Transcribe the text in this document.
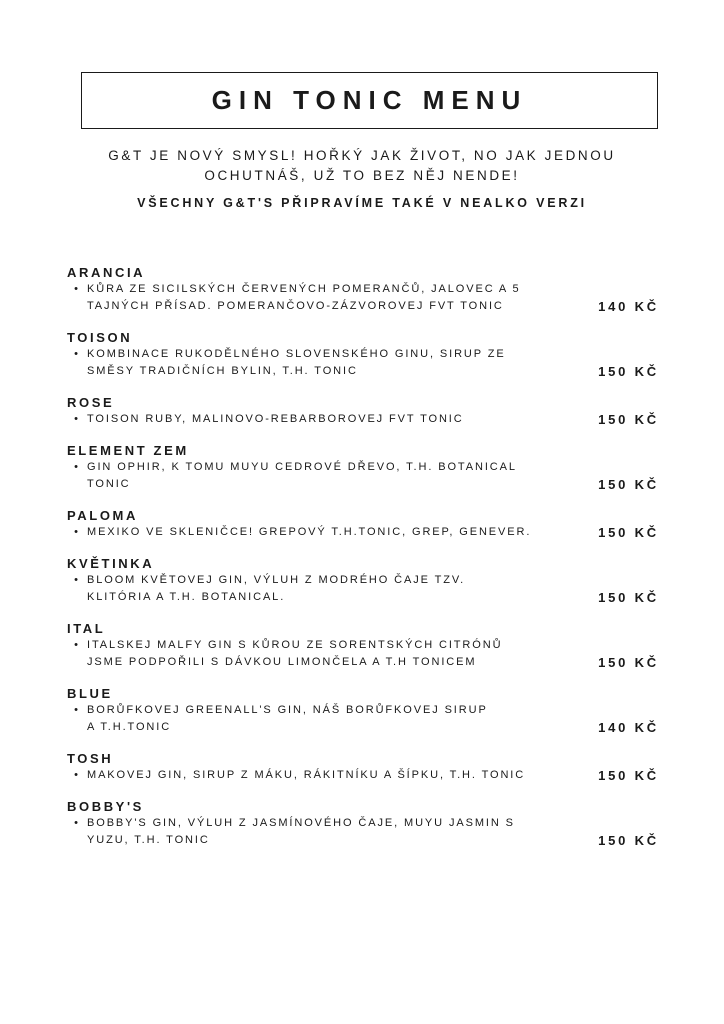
GIN TONIC MENU
G&T JE NOVÝ SMYSL! HOŘKÝ JAK ŽIVOT, NO JAK JEDNOU
OCHUTNÁŠ, UŽ TO BEZ NĚJ NENDE!
VŠECHNY G&T'S PŘIPRAVÍME TAKÉ V NEALKO VERZI
ARANCIA
• KŮRA ZE SICILSKÝCH ČERVENÝCH POMERANČŮ, JALOVEC A 5
TAJNÝCH PŘÍSAD. POMERANČOVO-ZÁZVOROVEJ FVT TONIC	140 KČ
TOISON
• KOMBINACE RUKODĚLNÉHO SLOVENSKÉHO GINU, SIRUP ZE
SMĚSY TRADIČNÍCH BYLIN, T.H. TONIC	150 KČ
ROSE
• TOISON RUBY, MALINOVO-REBARBOROVEJ FVT TONIC	150 KČ
ELEMENT ZEM
• GIN OPHIR, K TOMU MUYU CEDROVÉ DŘEVO, T.H. BOTANICAL
TONIC	150 KČ
PALOMA
• MEXIKO VE SKLENIČCE! GREPOVÝ T.H.TONIC, GREP, GENEVER.	150 KČ
KVĚTINKA
• BLOOM KVĚTOVEJ GIN, VÝLUH Z MODRÉHO ČAJE TZV.
KLITÓRIA A T.H. BOTANICAL.	150 KČ
ITAL
• ITALSKEJ MALFY GIN S KŮROU ZE SORENTSKÝCH CITRÓNŮ
JSME PODPOŘILI S DÁVKOU LIMONČELA A T.H TONICEM	150 KČ
BLUE
• BORŮFKOVEJ GREENALL'S GIN, NÁŠ BORŮFKOVEJ SIRUP
A T.H.TONIC	140 KČ
TOSH
• MAKOVEJ GIN, SIRUP Z MÁKU, RÁKITNÍKU A ŠÍPKU, T.H. TONIC	150 KČ
BOBBY'S
• BOBBY'S GIN, VÝLUH Z JASMÍNOVÉHO ČAJE, MUYU JASMIN S
YUZU, T.H. TONIC	150 KČ
